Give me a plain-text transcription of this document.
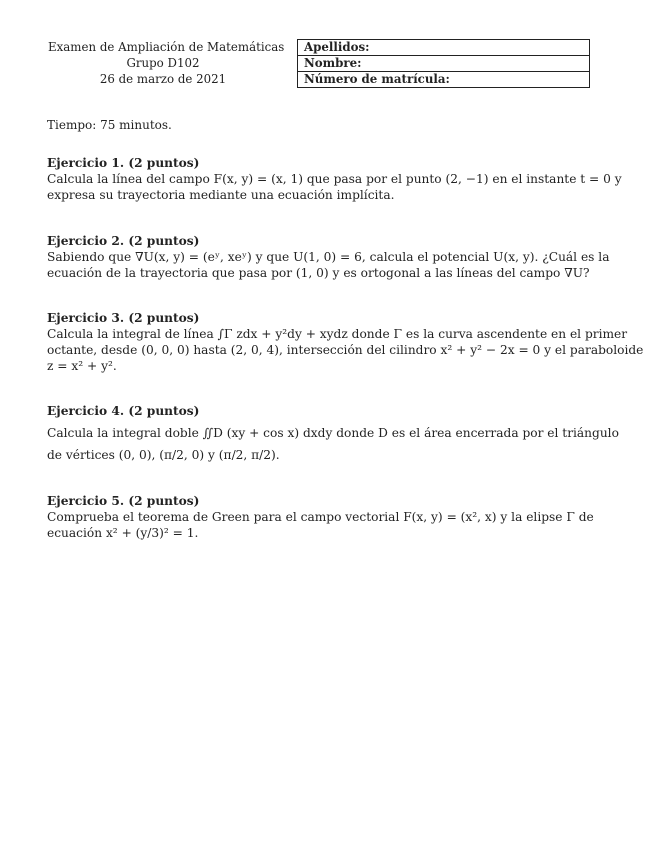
Examen de Ampliación de Matemáticas
Grupo D102
26 de marzo de 2021
Apellidos:
Nombre:
Número de matrícula:
Tiempo: 75 minutos.
Ejercicio 1. (2 puntos)
Calcula la línea del campo F(x, y) = (x, 1) que pasa por el punto (2, −1) en el instante t = 0 y
expresa su trayectoria mediante una ecuación implícita.
Ejercicio 2. (2 puntos)
Sabiendo que ∇U(x, y) = (eʸ, xeʸ) y que U(1, 0) = 6, calcula el potencial U(x, y). ¿Cuál es la
ecuación de la trayectoria que pasa por (1, 0) y es ortogonal a las líneas del campo ∇U?
Ejercicio 3. (2 puntos)
Calcula la integral de línea ∫Γ zdx + y²dy + xydz donde Γ es la curva ascendente en el primer
octante, desde (0, 0, 0) hasta (2, 0, 4), intersección del cilindro x² + y² − 2x = 0 y el paraboloide
z = x² + y².
Ejercicio 4. (2 puntos)
Calcula la integral doble ∬D (xy + cos x) dxdy donde D es el área encerrada por el triángulo
de vértices (0, 0), (π/2, 0) y (π/2, π/2).
Ejercicio 5. (2 puntos)
Comprueba el teorema de Green para el campo vectorial F(x, y) = (x², x) y la elipse Γ de
ecuación x² + (y/3)² = 1.
